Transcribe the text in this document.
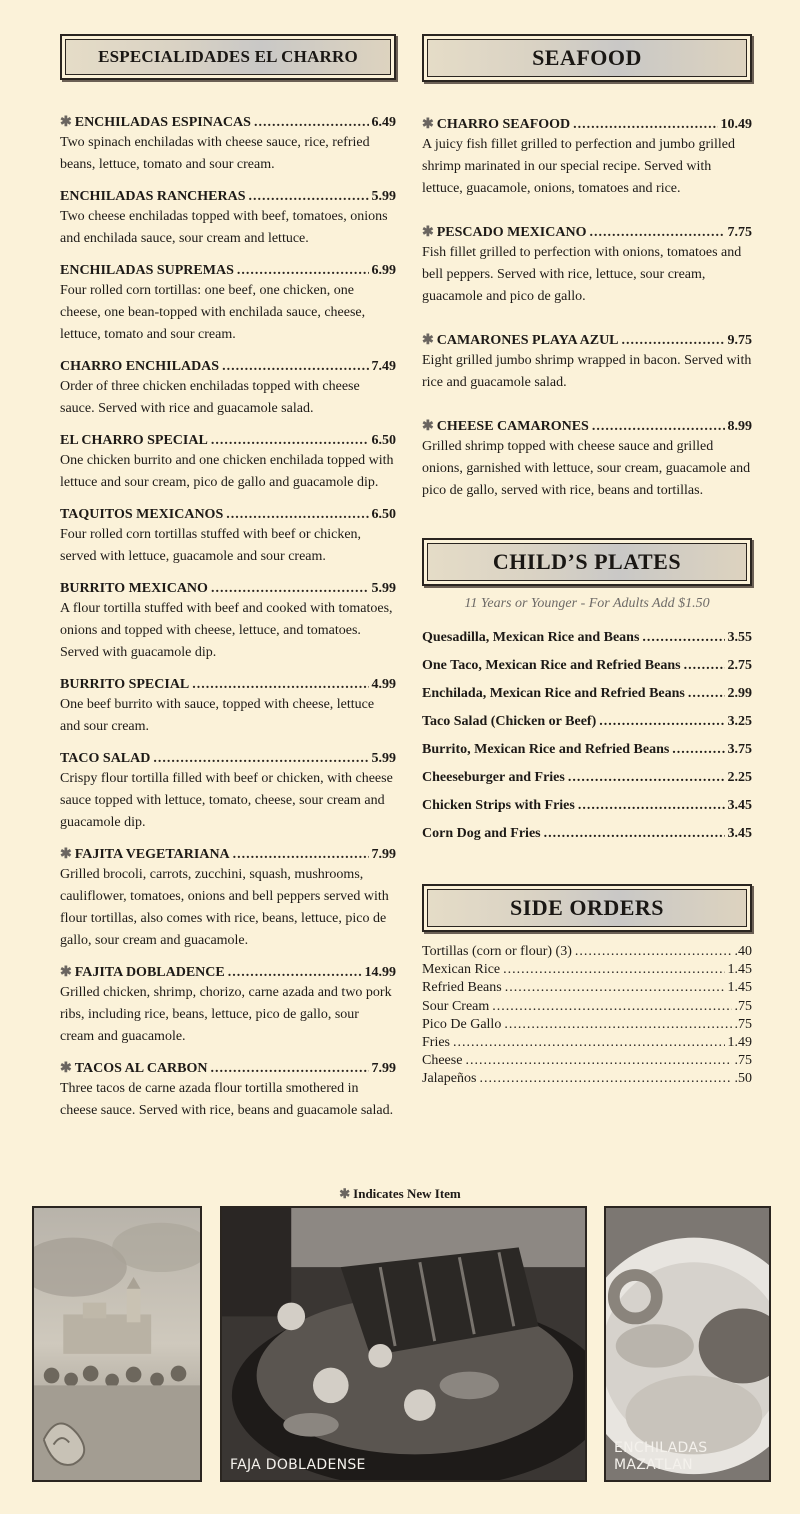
ESPECIALIDADES EL CHARRO
✱ ENCHILADAS ESPINACAS .....	6.49
Two spinach enchiladas with cheese sauce, rice, refried beans, lettuce, tomato and sour cream.
ENCHILADAS RANCHERAS .....	5.99
Two cheese enchiladas topped with beef, tomatoes, onions and enchilada sauce, sour cream and lettuce.
ENCHILADAS SUPREMAS .....	6.99
Four rolled corn tortillas: one beef, one chicken, one cheese, one bean-topped with enchilada sauce, cheese, lettuce, tomato and sour cream.
CHARRO ENCHILADAS .....	7.49
Order of three chicken enchiladas topped with cheese sauce. Served with rice and guacamole salad.
EL CHARRO SPECIAL .....	6.50
One chicken burrito and one chicken enchilada topped with lettuce and sour cream, pico de gallo and guacamole dip.
TAQUITOS MEXICANOS .....	6.50
Four rolled corn tortillas stuffed with beef or chicken, served with lettuce, guacamole and sour cream.
BURRITO MEXICANO .....	5.99
A flour tortilla stuffed with beef and cooked with tomatoes, onions and topped with cheese, lettuce, and tomatoes. Served with guacamole dip.
BURRITO SPECIAL .....	4.99
One beef burrito with sauce, topped with cheese, lettuce and sour cream.
TACO SALAD .....	5.99
Crispy flour tortilla filled with beef or chicken, with cheese sauce topped with lettuce, tomato, cheese, sour cream and guacamole dip.
✱ FAJITA VEGETARIANA .....	7.99
Grilled brocoli, carrots, zucchini, squash, mushrooms, cauliflower, tomatoes, onions and bell peppers served with flour tortillas, also comes with rice, beans, lettuce, pico de gallo, sour cream and guacamole.
✱ FAJITA DOBLADENCE .....	14.99
Grilled chicken, shrimp, chorizo, carne azada and two pork ribs, including rice, beans, lettuce, pico de gallo, sour cream and guacamole.
✱ TACOS AL CARBON .....	7.99
Three tacos de carne azada flour tortilla smothered in cheese sauce. Served with rice, beans and guacamole salad.
SEAFOOD
✱ CHARRO SEAFOOD .....	10.49
A juicy fish fillet grilled to perfection and jumbo grilled shrimp marinated in our special recipe. Served with lettuce, guacamole, onions, tomatoes and rice.
✱ PESCADO MEXICANO .....	7.75
Fish fillet grilled to perfection with onions, tomatoes and bell peppers. Served with rice, lettuce, sour cream, guacamole and pico de gallo.
✱ CAMARONES PLAYA AZUL .....	9.75
Eight grilled jumbo shrimp wrapped in bacon. Served with rice and guacamole salad.
✱ CHEESE CAMARONES .....	8.99
Grilled shrimp topped with cheese sauce and grilled onions, garnished with lettuce, sour cream, guacamole and pico de gallo, served with rice, beans and tortillas.
CHILD’S PLATES
11 Years or Younger - For Adults Add $1.50
Quesadilla, Mexican Rice and Beans .....	3.55
One Taco, Mexican Rice and Refried Beans .....	2.75
Enchilada, Mexican Rice and Refried Beans .....	2.99
Taco Salad (Chicken or Beef) .....	3.25
Burrito, Mexican Rice and Refried Beans .....	3.75
Cheeseburger and Fries .....	2.25
Chicken Strips with Fries .....	3.45
Corn Dog and Fries .....	3.45
SIDE ORDERS
Tortillas (corn or flour) (3) .....	.40
Mexican Rice .....	1.45
Refried Beans .....	1.45
Sour Cream .....	.75
Pico De Gallo .....	.75
Fries .....	1.49
Cheese .....	.75
Jalapeños .....	.50
✱ Indicates New Item
FAJA DOBLADENSE
ENCHILADAS MAZATLAN
